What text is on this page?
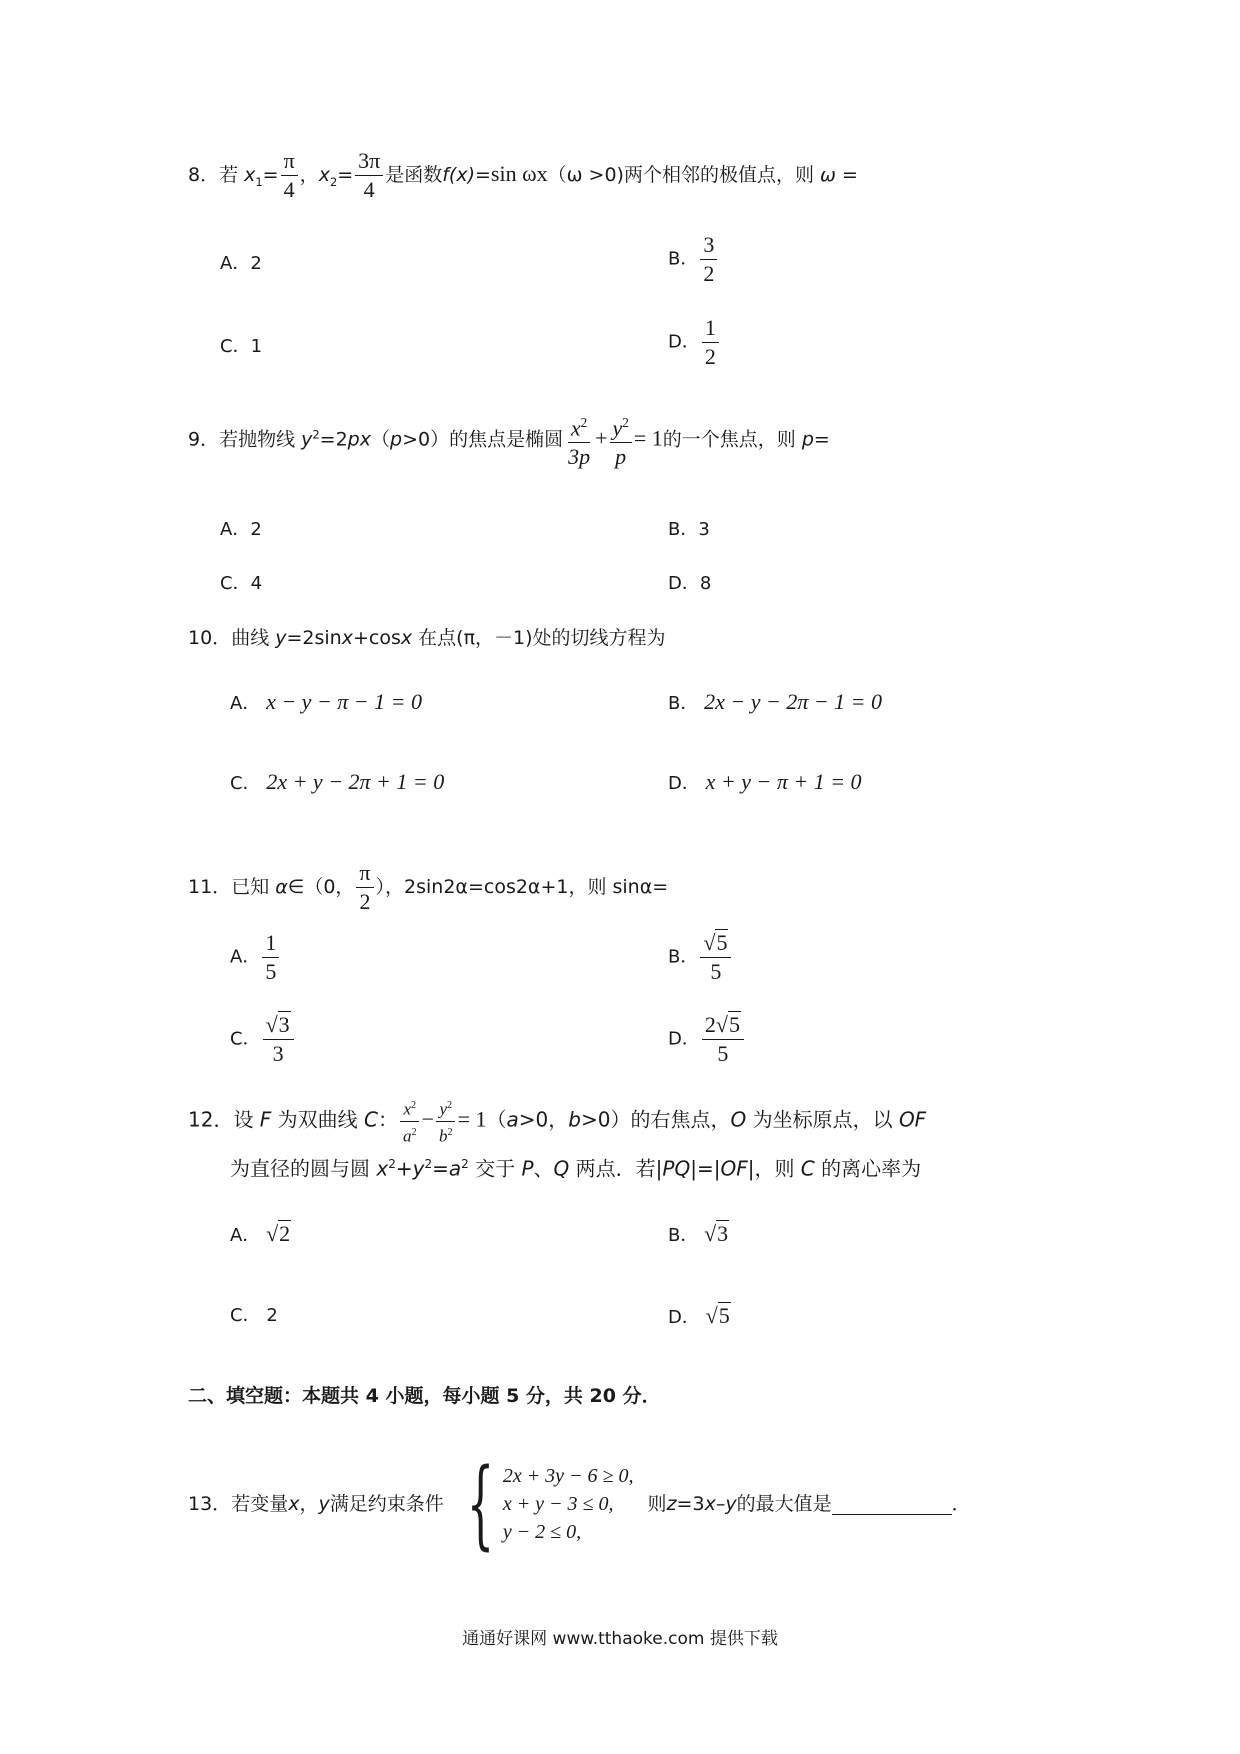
8．若 $x_1= \frac{\pi}{4}$ ，$x_2= \frac{3\pi}{4}$ 是函数f(x)=sin ωx（ω >0)两个相邻的极值点，则 ω =
A．2	B． $\frac{3}{2}$
C．1	D． $\frac{1}{2}$
9．若抛物线 $y^2=2px(p>0)$的焦点是椭圆 $\frac{x^2}{3p} + \frac{y^2}{p} = 1$的一个焦点，则 p=
A．2	B．3
C．4	D．8
10．曲线 y=2sinx+cosx 在点(π，－1)处的切线方程为
A． x − y − π − 1 = 0	B． 2x − y − 2π − 1 = 0
C． 2x + y − 2π + 1 = 0	D． x + y − π + 1 = 0
11．已知 α∈（0， $\frac{\pi}{2}$ ），2sin2α=cos2α+1，则 sinα=
A． $\frac{1}{5}$	B． $\frac{√5}{5}$
C． $\frac{√3}{3}$	D． $\frac{2√5}{5}$
12．设 F 为双曲线 C： $\frac{x^2}{a^2} - \frac{y^2}{b^2} = 1(a>0$，b>0）的右焦点，O 为坐标原点，以 OF
为直径的圆与圆 $x^2+y^2=a^2$ 交于 P、Q 两点．若|PQ|=|OF|，则 C 的离心率为
A． √2	B． √3
C． 2	D． √5
二、填空题：本题共 4 小题，每小题 5 分，共 20 分．
13． 若变量 x ， y 满足约束条件 { 2x + 3y − 6 ≥ 0,
x + y − 3 ≤ 0,
y − 2 ≤ 0,
则 z =3 x – y 的最大值是	．
通通好课网 www.tthaoke.com 提供下载
